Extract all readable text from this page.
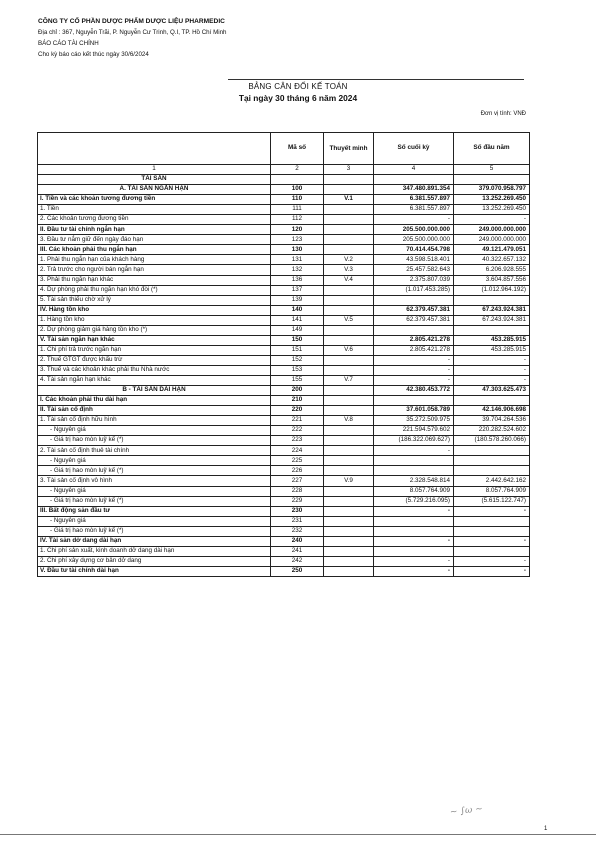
CÔNG TY CỔ PHẦN DƯỢC PHẨM DƯỢC LIỆU PHARMEDIC
Địa chỉ : 367, Nguyễn Trãi, P. Nguyễn Cư Trinh, Q.I, TP. Hồ Chí Minh
BÁO CÁO TÀI CHÍNH
Cho kỳ báo cáo kết thúc ngày 30/6/2024
BẢNG CÂN ĐỐI KẾ TOÁN
Tại ngày 30 tháng 6 năm 2024
Đơn vị tính: VNĐ
	Mã số	Thuyết minh	Số cuối kỳ	Số đầu năm
1	2	3	4	5
TÀI SẢN				
A. TÀI SẢN NGẮN HẠN	100		347.480.891.354	379.070.958.797
I. Tiền và các khoản tương đương tiền	110	V.1	6.381.557.897	13.252.269.450
1. Tiền	111		6.381.557.897	13.252.269.450
2. Các khoản tương đương tiền	112		-	-
II. Đầu tư tài chính ngắn hạn	120		205.500.000.000	249.000.000.000
3. Đầu tư nắm giữ đến ngày đáo hạn	123		205.500.000.000	249.000.000.000
III. Các khoản phải thu ngắn hạn	130		70.414.454.798	49.121.479.051
1. Phải thu ngắn hạn của khách hàng	131	V.2	43.598.518.401	40.322.657.132
2. Trả trước cho người bán ngắn hạn	132	V.3	25.457.582.643	6.206.928.555
3. Phải thu ngắn hạn khác	136	V.4	2.375.807.039	3.604.857.556
4. Dự phòng phải thu ngắn hạn khó đòi (*)	137		(1.017.453.285)	(1.012.964.192)
5. Tài sản thiếu chờ xử lý	139			
IV. Hàng tồn kho	140		62.379.457.381	67.243.924.381
1. Hàng tồn kho	141	V.5	62.379.457.381	67.243.924.381
2. Dự phòng giảm giá hàng tồn kho (*)	149			
V. Tài sản ngắn hạn khác	150		2.805.421.278	453.285.915
1. Chi phí trả trước ngắn hạn	151	V.6	2.805.421.278	453.285.915
2. Thuế GTGT được khấu trừ	152		-	-
3. Thuế và các khoản khác phải thu Nhà nước	153		-	-
4. Tài sản ngắn hạn khác	155	V.7	-	-
B - TÀI SẢN DÀI HẠN	200		42.380.453.772	47.303.625.473
I. Các khoản phải thu dài hạn	210			
II. Tài sản cố định	220		37.601.058.789	42.146.906.698
1. Tài sản cố định hữu hình	221	V.8	35.272.509.975	39.704.264.536
- Nguyên giá	222		221.594.579.602	220.282.524.602
- Giá trị hao mòn luỹ kế (*)	223		(186.322.069.627)	(180.578.260.066)
2. Tài sản cố định thuê tài chính	224		-	
- Nguyên giá	225			
- Giá trị hao mòn luỹ kế (*)	226			
3. Tài sản cố định vô hình	227	V.9	2.328.548.814	2.442.642.162
- Nguyên giá	228		8.057.764.909	8.057.764.909
- Giá trị hao mòn luỹ kế (*)	229		(5.729.216.095)	(5.615.122.747)
III. Bất động sản đầu tư	230		-	-
- Nguyên giá	231			
- Giá trị hao mòn luỹ kế (*)	232			
IV. Tài sản dở dang dài hạn	240		-	-
1. Chi phí sản xuất, kinh doanh dở dang dài hạn	241			
2. Chi phí xây dựng cơ bản dở dang	242		-	-
V. Đầu tư tài chính dài hạn	250		-	-
~ ∫ω ~
1
